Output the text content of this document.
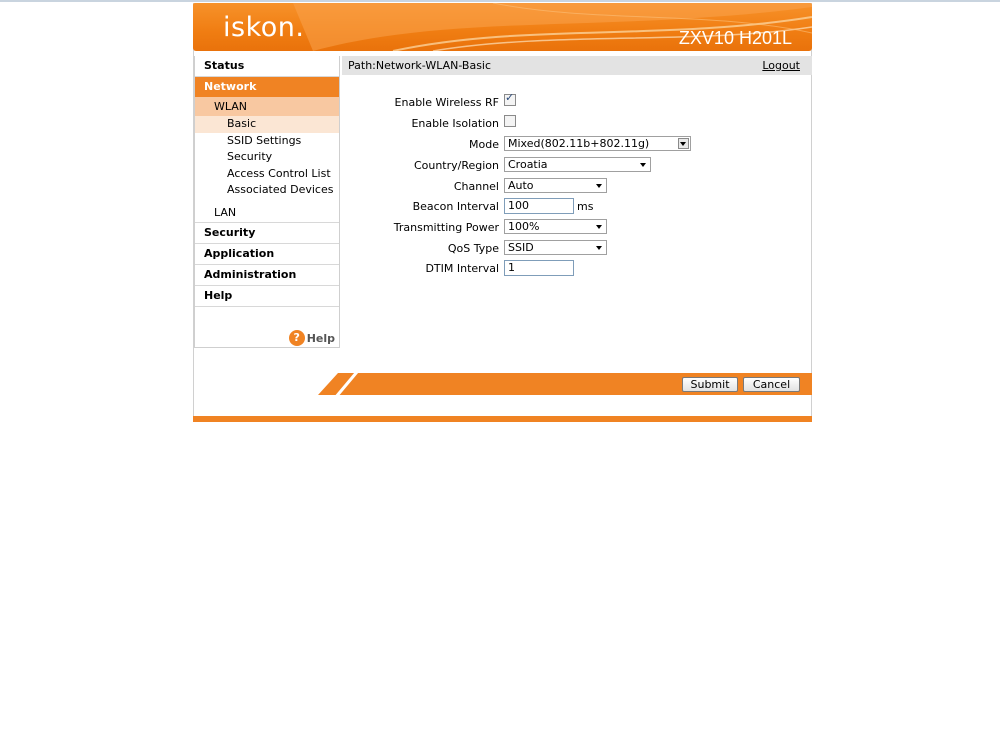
iskon.	ZXV10 H201L
Status
Network
WLAN
Basic
SSID Settings
Security
Access Control List
Associated Devices
LAN
Security
Application
Administration
Help
? Help
Path:Network-WLAN-Basic	Logout
Enable Wireless RF ✓
Enable Isolation
Mode Mixed(802.11b+802.11g)
Country/Region Croatia
Channel Auto
Beacon Interval 100	ms
Transmitting Power 100%
QoS Type SSID
DTIM Interval 1
Submit	Cancel
